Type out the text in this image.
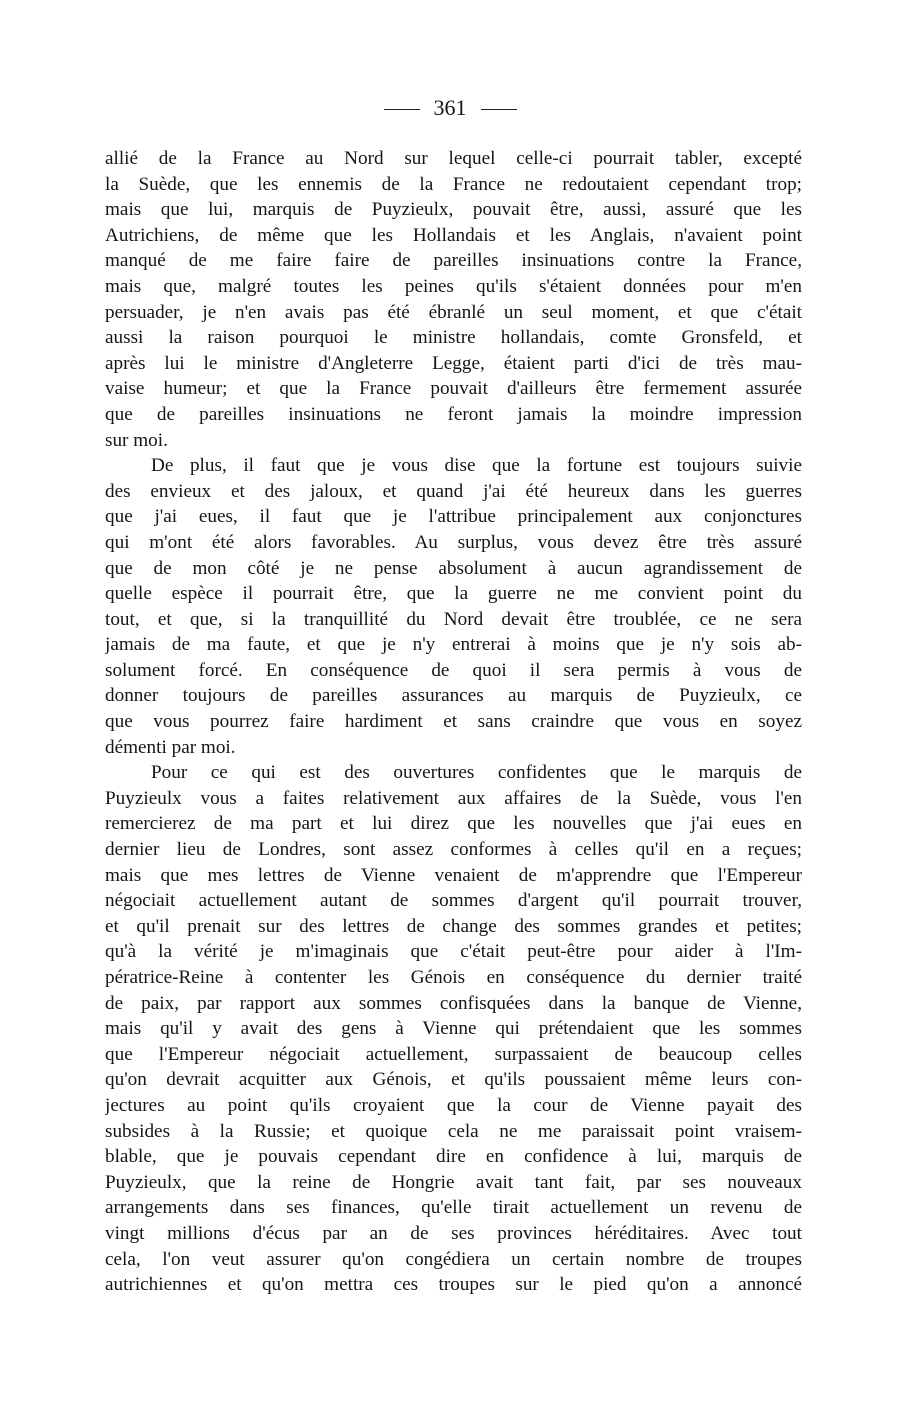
361
allié de la France au Nord sur lequel celle-ci pourrait tabler, excepté
la Suède, que les ennemis de la France ne redoutaient cependant trop;
mais que lui, marquis de Puyzieulx, pouvait être, aussi, assuré que les
Autrichiens, de même que les Hollandais et les Anglais, n'avaient point
manqué de me faire faire de pareilles insinuations contre la France,
mais que, malgré toutes les peines qu'ils s'étaient données pour m'en
persuader, je n'en avais pas été ébranlé un seul moment, et que c'était
aussi la raison pourquoi le ministre hollandais, comte Gronsfeld, et
après lui le ministre d'Angleterre Legge, étaient parti d'ici de très mau-
vaise humeur; et que la France pouvait d'ailleurs être fermement assurée
que de pareilles insinuations ne feront jamais la moindre impression
sur moi.
De plus, il faut que je vous dise que la fortune est toujours suivie
des envieux et des jaloux, et quand j'ai été heureux dans les guerres
que j'ai eues, il faut que je l'attribue principalement aux conjonctures
qui m'ont été alors favorables. Au surplus, vous devez être très assuré
que de mon côté je ne pense absolument à aucun agrandissement de
quelle espèce il pourrait être, que la guerre ne me convient point du
tout, et que, si la tranquillité du Nord devait être troublée, ce ne sera
jamais de ma faute, et que je n'y entrerai à moins que je n'y sois ab-
solument forcé. En conséquence de quoi il sera permis à vous de
donner toujours de pareilles assurances au marquis de Puyzieulx, ce
que vous pourrez faire hardiment et sans craindre que vous en soyez
démenti par moi.
Pour ce qui est des ouvertures confidentes que le marquis de
Puyzieulx vous a faites relativement aux affaires de la Suède, vous l'en
remercierez de ma part et lui direz que les nouvelles que j'ai eues en
dernier lieu de Londres, sont assez conformes à celles qu'il en a reçues;
mais que mes lettres de Vienne venaient de m'apprendre que l'Empereur
négociait actuellement autant de sommes d'argent qu'il pourrait trouver,
et qu'il prenait sur des lettres de change des sommes grandes et petites;
qu'à la vérité je m'imaginais que c'était peut-être pour aider à l'Im-
pératrice-Reine à contenter les Génois en conséquence du dernier traité
de paix, par rapport aux sommes confisquées dans la banque de Vienne,
mais qu'il y avait des gens à Vienne qui prétendaient que les sommes
que l'Empereur négociait actuellement, surpassaient de beaucoup celles
qu'on devrait acquitter aux Génois, et qu'ils poussaient même leurs con-
jectures au point qu'ils croyaient que la cour de Vienne payait des
subsides à la Russie; et quoique cela ne me paraissait point vraisem-
blable, que je pouvais cependant dire en confidence à lui, marquis de
Puyzieulx, que la reine de Hongrie avait tant fait, par ses nouveaux
arrangements dans ses finances, qu'elle tirait actuellement un revenu de
vingt millions d'écus par an de ses provinces héréditaires. Avec tout
cela, l'on veut assurer qu'on congédiera un certain nombre de troupes
autrichiennes et qu'on mettra ces troupes sur le pied qu'on a annoncé
